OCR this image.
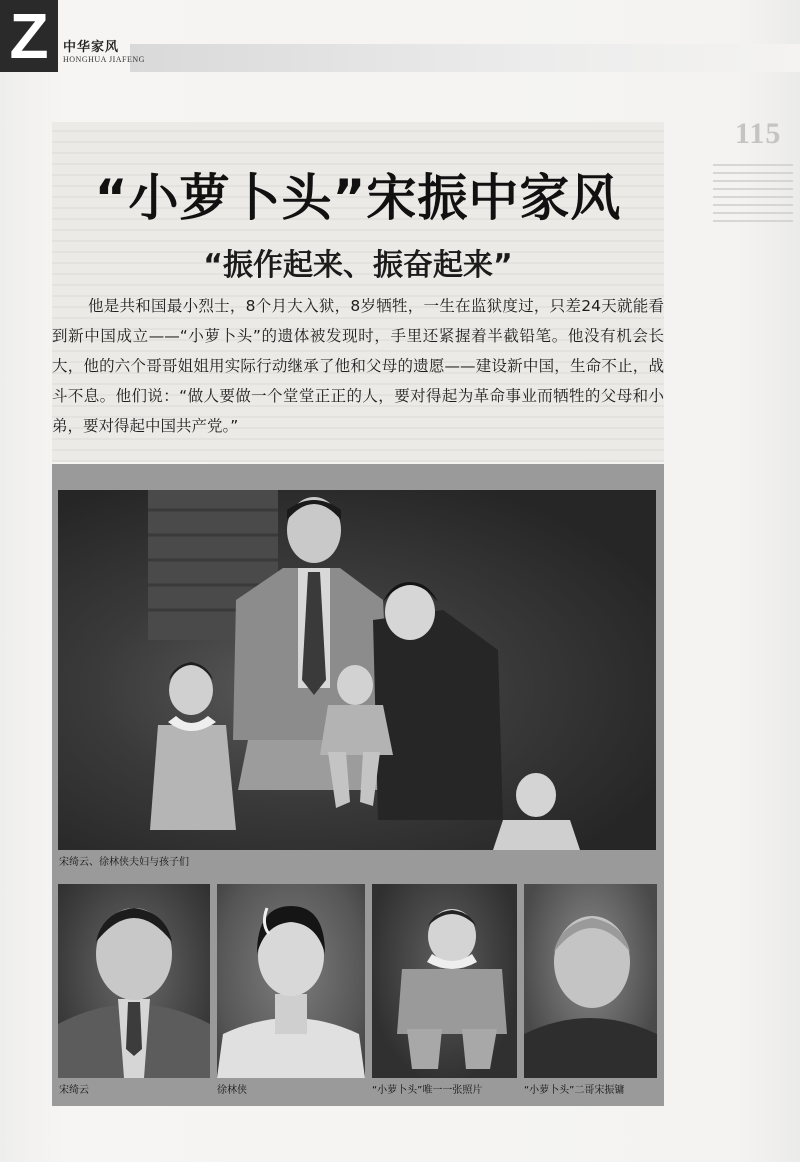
Z	中华家风
HONGHUA JIAFENG
115
“小萝卜头”宋振中家风
“振作起来、振奋起来”

他是共和国最小烈士，8个月大入狱，8岁牺牲，一生在监狱度过，只差24天就能看到新中国成立——“小萝卜头”的遗体被发现时，手里还紧握着半截铅笔。他没有机会长大，他的六个哥哥姐姐用实际行动继承了他和父母的遗愿——建设新中国，生命不止，战斗不息。他们说：“做人要做一个堂堂正正的人，要对得起为革命事业而牺牲的父母和小弟，要对得起中国共产党。”

宋绮云、徐林侠夫妇与孩子们
宋绮云	徐林侠	“小萝卜头”唯一一张照片	“小萝卜头”二哥宋振镛
